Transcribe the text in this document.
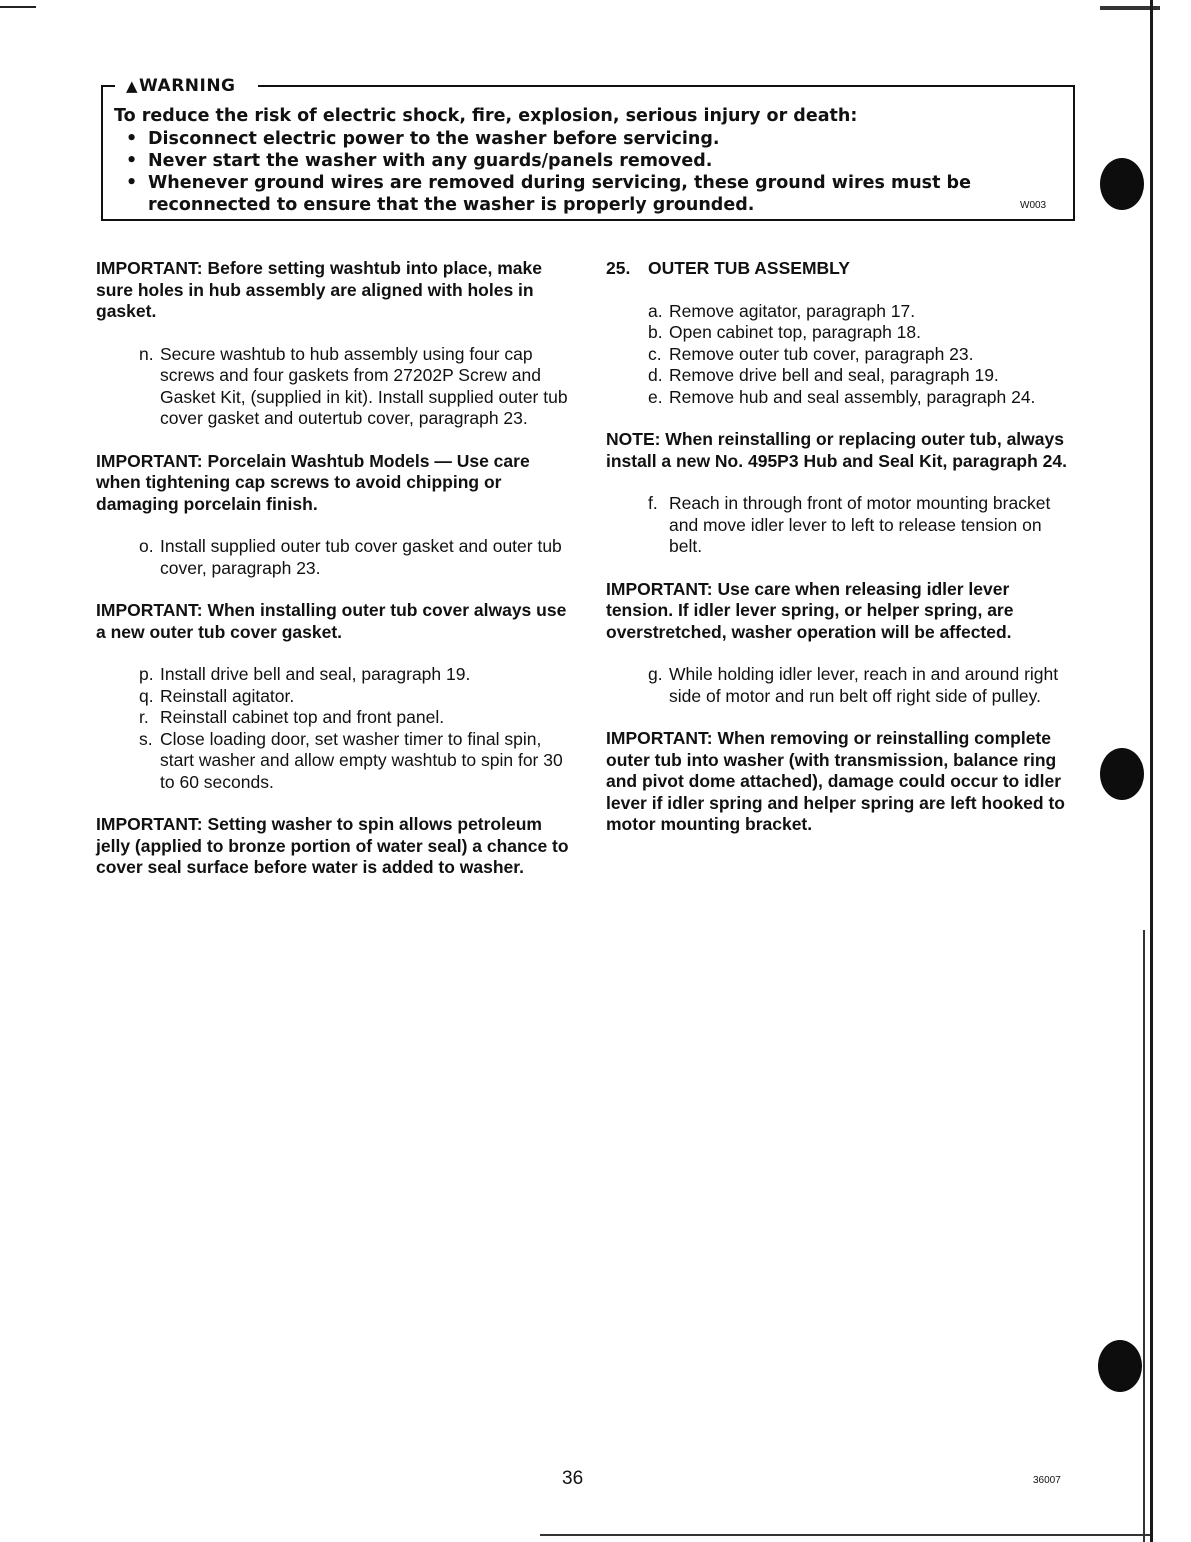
▲WARNING
To reduce the risk of electric shock, fire, explosion, serious injury or death:
• Disconnect electric power to the washer before servicing.
• Never start the washer with any guards/panels removed.
• Whenever ground wires are removed during servicing, these ground wires must be reconnected to ensure that the washer is properly grounded.	W003

IMPORTANT: Before setting washtub into place, make sure holes in hub assembly are aligned with holes in gasket.

n. Secure washtub to hub assembly using four cap screws and four gaskets from 27202P Screw and Gasket Kit, (supplied in kit). Install supplied outer tub cover gasket and outertub cover, paragraph 23.

IMPORTANT: Porcelain Washtub Models — Use care when tightening cap screws to avoid chipping or damaging porcelain finish.

o. Install supplied outer tub cover gasket and outer tub cover, paragraph 23.

IMPORTANT: When installing outer tub cover always use a new outer tub cover gasket.

p. Install drive bell and seal, paragraph 19.
q. Reinstall agitator.
r. Reinstall cabinet top and front panel.
s. Close loading door, set washer timer to final spin, start washer and allow empty washtub to spin for 30 to 60 seconds.

IMPORTANT: Setting washer to spin allows petroleum jelly (applied to bronze portion of water seal) a chance to cover seal surface before water is added to washer.

25. OUTER TUB ASSEMBLY

a. Remove agitator, paragraph 17.
b. Open cabinet top, paragraph 18.
c. Remove outer tub cover, paragraph 23.
d. Remove drive bell and seal, paragraph 19.
e. Remove hub and seal assembly, paragraph 24.

NOTE: When reinstalling or replacing outer tub, always install a new No. 495P3 Hub and Seal Kit, paragraph 24.

f. Reach in through front of motor mounting bracket and move idler lever to left to release tension on belt.

IMPORTANT: Use care when releasing idler lever tension. If idler lever spring, or helper spring, are overstretched, washer operation will be affected.

g. While holding idler lever, reach in and around right side of motor and run belt off right side of pulley.

IMPORTANT: When removing or reinstalling complete outer tub into washer (with transmission, balance ring and pivot dome attached), damage could occur to idler lever if idler spring and helper spring are left hooked to motor mounting bracket.

36	36007
